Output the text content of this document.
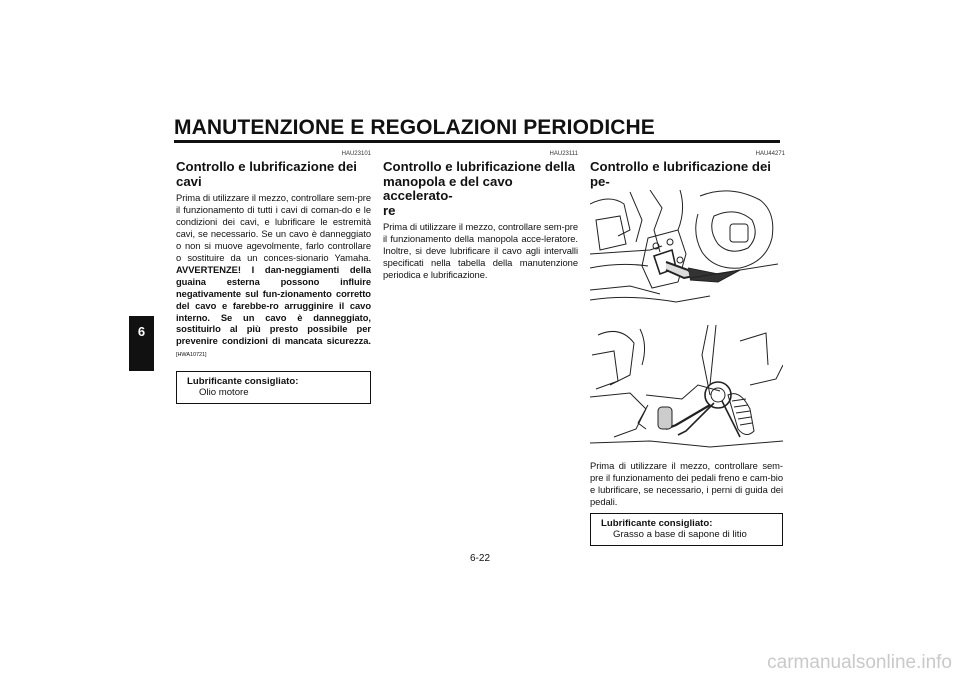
MANUTENZIONE E REGOLAZIONI PERIODICHE
6
HAU23101
Controllo e lubrificazione dei
cavi
Prima di utilizzare il mezzo, controllare sem-pre il funzionamento di tutti i cavi di coman-do e le condizioni dei cavi, e lubrificare le estremità cavi, se necessario. Se un cavo è danneggiato o non si muove agevolmente, farlo controllare o sostituire da un conces-sionario Yamaha. AVVERTENZE! I dan-neggiamenti della guaina esterna possono influire negativamente sul fun-zionamento corretto del cavo e farebbe-ro arrugginire il cavo interno. Se un cavo è danneggiato, sostituirlo al più presto possibile per prevenire condizioni di mancata sicurezza. [HWA10721]
Lubrificante consigliato:
Olio motore
HAU23111
Controllo e lubrificazione della
manopola e del cavo accelerato-
re
Prima di utilizzare il mezzo, controllare sem-pre il funzionamento della manopola acce-leratore. Inoltre, si deve lubrificare il cavo agli intervalli specificati nella tabella della manutenzione periodica e lubrificazione.
HAU44271
Controllo e lubrificazione dei pe-
Prima di utilizzare il mezzo, controllare sem-pre il funzionamento dei pedali freno e cam-bio e lubrificare, se necessario, i perni di guida dei pedali.
Lubrificante consigliato:
Grasso a base di sapone di litio
6-22
carmanualsonline.info
